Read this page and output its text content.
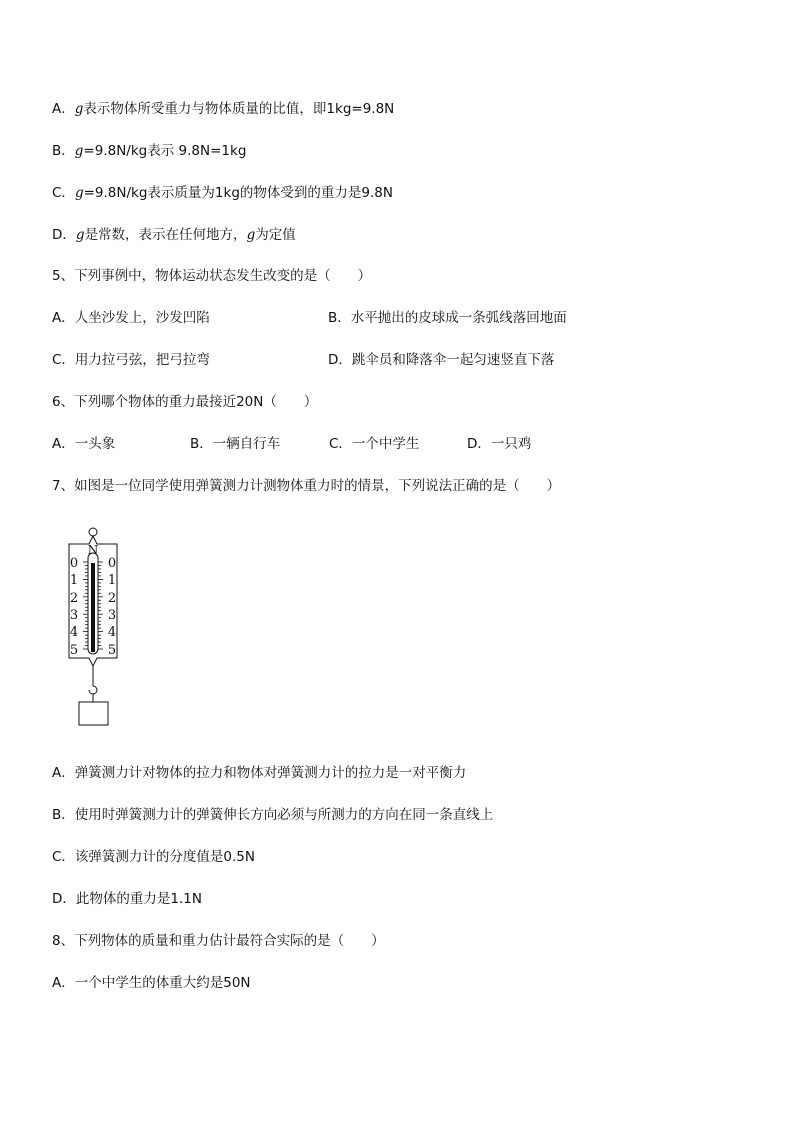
A．g表示物体所受重力与物体质量的比值，即1kg=9.8N
B．g=9.8N/kg表示 9.8N=1kg
C．g=9.8N/kg表示质量为1kg的物体受到的重力是9.8N
D．g是常数，表示在任何地方，g为定值
5、下列事例中，物体运动状态发生改变的是（　　）
A．人坐沙发上，沙发凹陷	B．水平抛出的皮球成一条弧线落回地面
C．用力拉弓弦，把弓拉弯	D．跳伞员和降落伞一起匀速竖直下落
6、下列哪个物体的重力最接近20N（　　）
A．一头象	B．一辆自行车	C．一个中学生	D．一只鸡
7、如图是一位同学使用弹簧测力计测物体重力时的情景，下列说法正确的是（　　）
N
0
1
2
3
4
5
0
1
2
3
4
5
A．弹簧测力计对物体的拉力和物体对弹簧测力计的拉力是一对平衡力
B．使用时弹簧测力计的弹簧伸长方向必须与所测力的方向在同一条直线上
C．该弹簧测力计的分度值是0.5N
D．此物体的重力是1.1N
8、下列物体的质量和重力估计最符合实际的是（　　）
A．一个中学生的体重大约是50N
